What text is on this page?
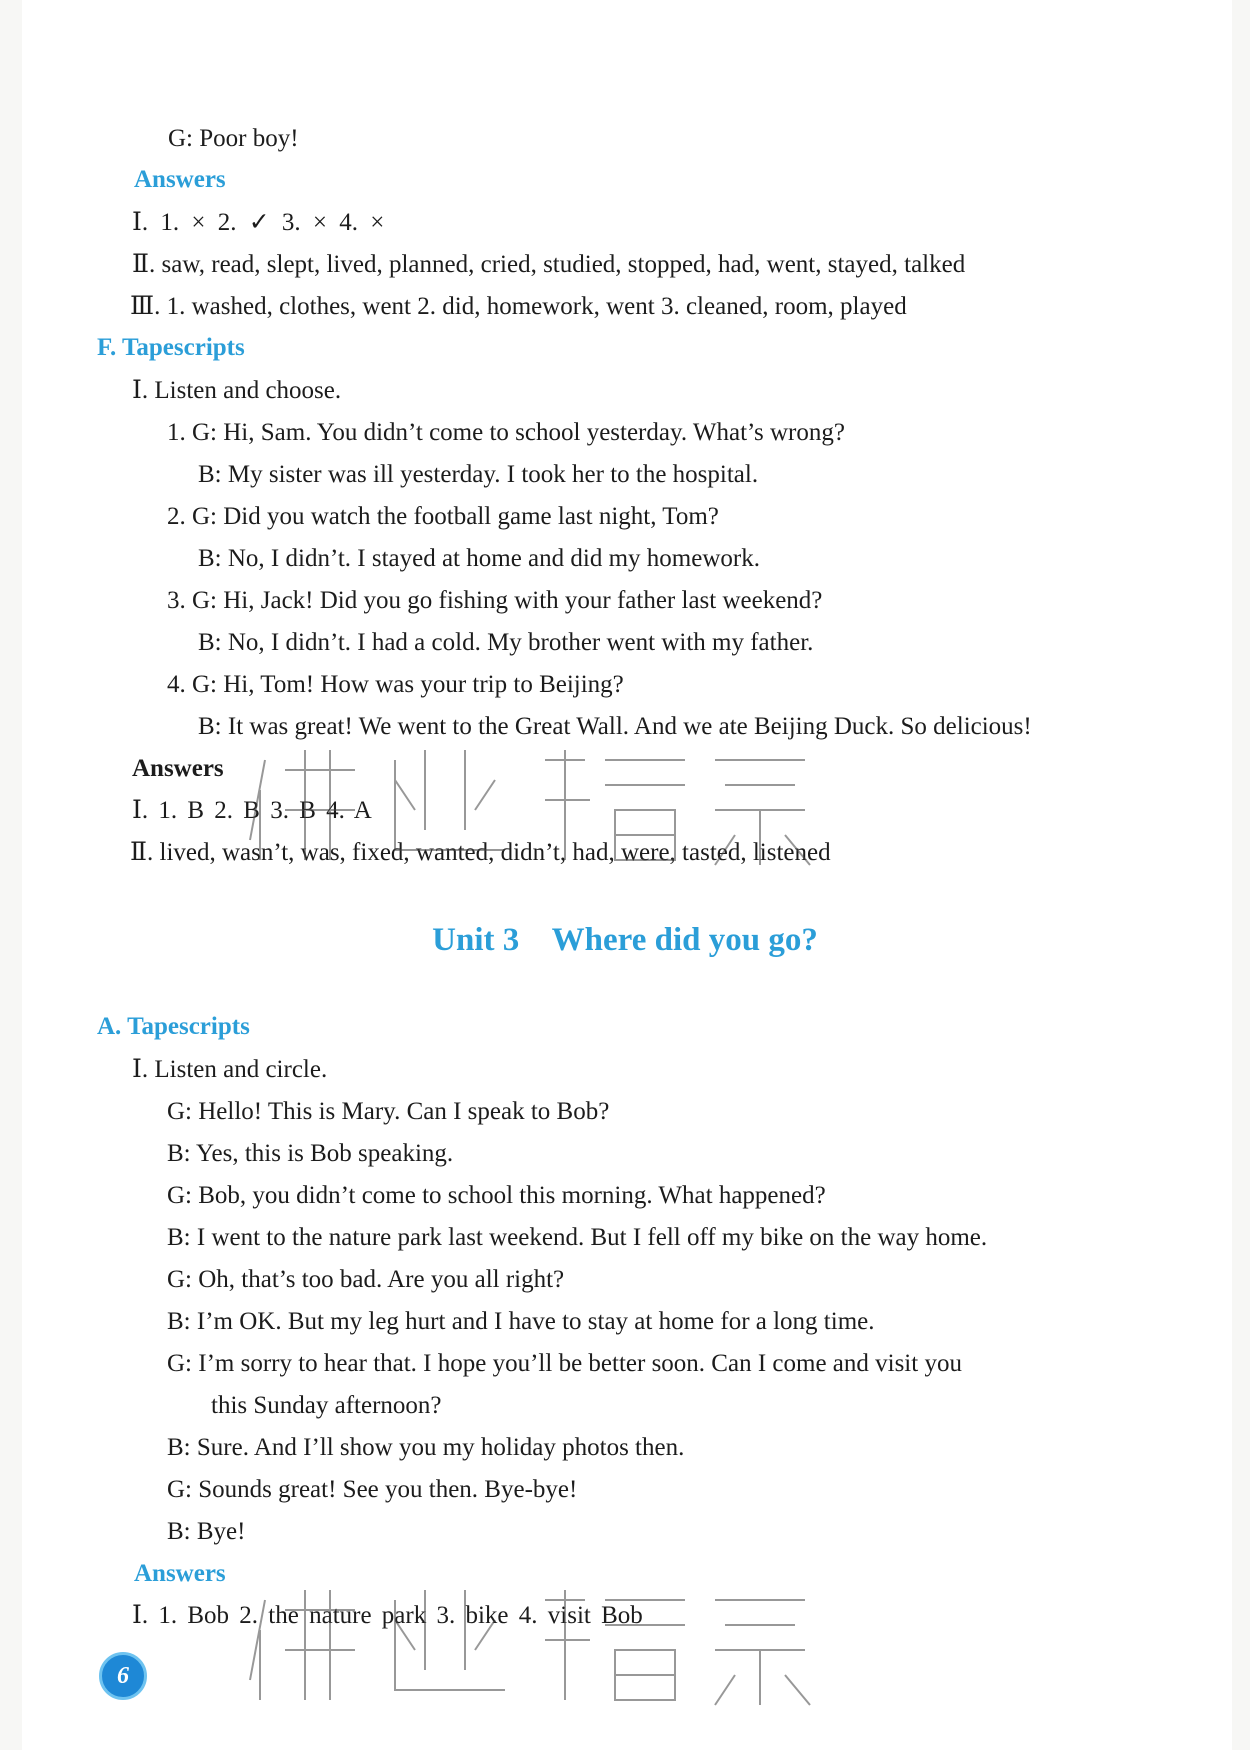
G: Poor boy!
Answers
Ⅰ. 1. × 2. ✓ 3. × 4. ×
Ⅱ. saw, read, slept, lived, planned, cried, studied, stopped, had, went, stayed, talked
Ⅲ. 1. washed, clothes, went 2. did, homework, went 3. cleaned, room, played
F. Tapescripts
Ⅰ. Listen and choose.
1. G: Hi, Sam. You didn’t come to school yesterday. What’s wrong?
B: My sister was ill yesterday. I took her to the hospital.
2. G: Did you watch the football game last night, Tom?
B: No, I didn’t. I stayed at home and did my homework.
3. G: Hi, Jack! Did you go fishing with your father last weekend?
B: No, I didn’t. I had a cold. My brother went with my father.
4. G: Hi, Tom! How was your trip to Beijing?
B: It was great! We went to the Great Wall. And we ate Beijing Duck. So delicious!
Answers
Ⅰ. 1. B 2. B 3. B 4. A
Ⅱ. lived, wasn’t, was, fixed, wanted, didn’t, had, were, tasted, listened
Unit 3    Where did you go?
A. Tapescripts
Ⅰ. Listen and circle.
G: Hello! This is Mary. Can I speak to Bob?
B: Yes, this is Bob speaking.
G: Bob, you didn’t come to school this morning. What happened?
B: I went to the nature park last weekend. But I fell off my bike on the way home.
G: Oh, that’s too bad. Are you all right?
B: I’m OK. But my leg hurt and I have to stay at home for a long time.
G: I’m sorry to hear that. I hope you’ll be better soon. Can I come and visit you
this Sunday afternoon?
B: Sure. And I’ll show you my holiday photos then.
G: Sounds great! See you then. Bye-bye!
B: Bye!
Answers
Ⅰ. 1. Bob 2. the nature park 3. bike 4. visit Bob
6
